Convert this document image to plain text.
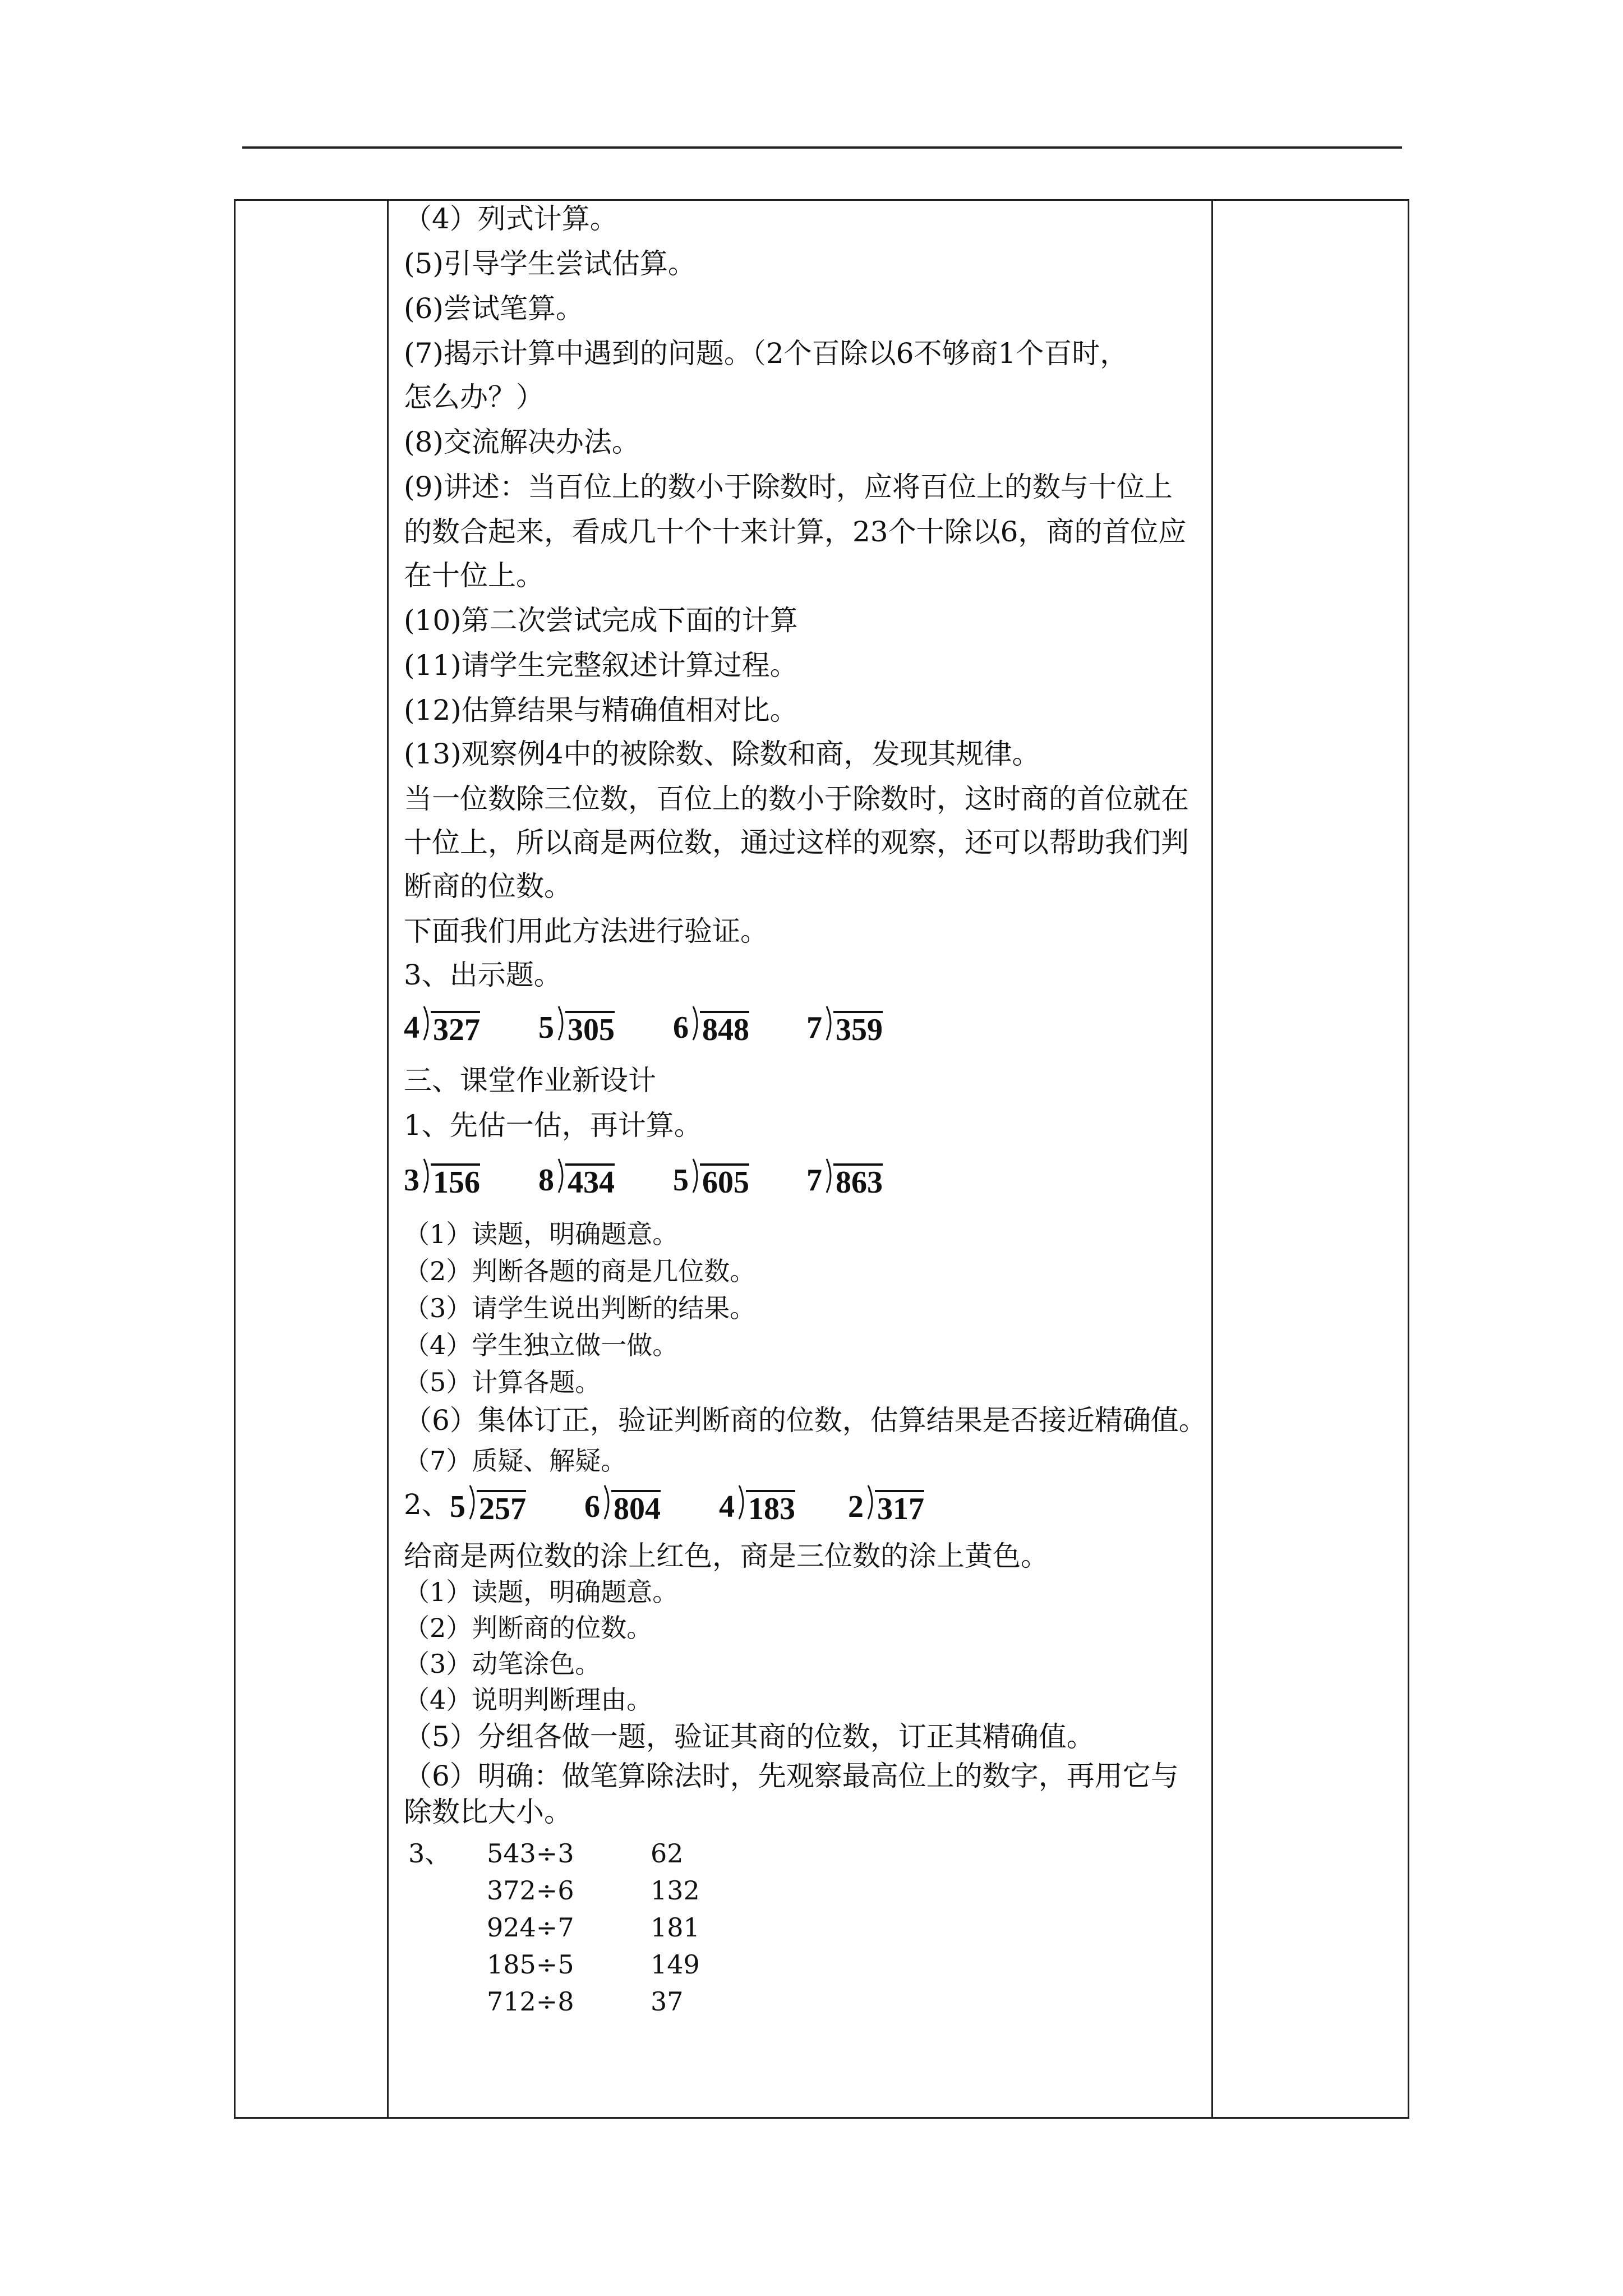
（4）列式计算。
(5)引导学生尝试估算。
(6)尝试笔算。
(7)揭示计算中遇到的问题。（2个百除以6不够商1个百时，
怎么办？）
(8)交流解决办法。
(9)讲述：当百位上的数小于除数时，应将百位上的数与十位上
的数合起来，看成几十个十来计算，23个十除以6，商的首位应
在十位上。
(10)第二次尝试完成下面的计算
(11)请学生完整叙述计算过程。
(12)估算结果与精确值相对比。
(13)观察例4中的被除数、除数和商，发现其规律。
当一位数除三位数，百位上的数小于除数时，这时商的首位就在
十位上，所以商是两位数，通过这样的观察，还可以帮助我们判
断商的位数。
下面我们用此方法进行验证。
3、出示题。
4 327 5 305 6 848 7 359
三、课堂作业新设计
1、先估一估，再计算。
3 156 8 434 5 605 7 863
（1）读题，明确题意。
（2）判断各题的商是几位数。
（3）请学生说出判断的结果。
（4）学生独立做一做。
（5）计算各题。
（6）集体订正，验证判断商的位数，估算结果是否接近精确值。
（7）质疑、解疑。
2、 5 257 6 804 4 183 2 317
给商是两位数的涂上红色，商是三位数的涂上黄色。
（1）读题，明确题意。
（2）判断商的位数。
（3）动笔涂色。
（4）说明判断理由。
（5）分组各做一题，验证其商的位数，订正其精确值。
（6）明确：做笔算除法时，先观察最高位上的数字，再用它与
除数比大小。
3、 543÷3	62
372÷6	132
924÷7	181
185÷5	149
712÷8	37
